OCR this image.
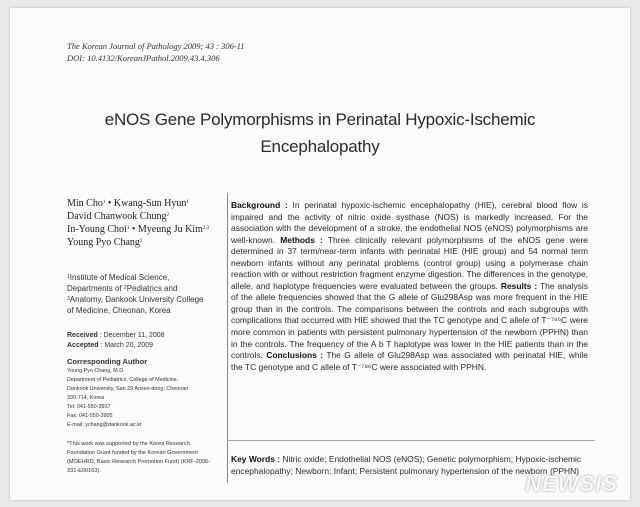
The Korean Journal of Pathology 2009; 43 : 306-11
DOI: 10.4132/KoreanJPathol.2009.43.4.306
eNOS Gene Polymorphisms in Perinatal Hypoxic-Ischemic
Encephalopathy
Min Cho$^1$ • Kwang-Sun Hyun$^1$
David Chanwook Chung$^2$
In-Young Choi$^1$ • Myeung Ju Kim$^{2,3}$
Young Pyo Chang$^2$
$^1$Institute of Medical Science,
Departments of $^2$Pediatrics and
$^3$Anatomy, Dankook University College
of Medicine, Cheonan, Korea
Received : December 11, 2008
Accepted : March 20, 2009
Corresponding Author
Young Pyo Chang, M.D.
Department of Pediatrics, College of Medicine,
Dankook University, San 29 Anseo-dong, Cheonan
330-714, Korea
Tel: 041-550-3937
Fax: 041-550-3905
E-mail: ychang@dankook.ac.kr
*This work was supported by the Korea Research Foundation Grant funded by the Korean Government (MOEHRD, Basic Research Promotion Fund) (KRF-2006-331-E00163).
Background : In perinatal hypoxic-ischemic encephalopathy (HIE), cerebral blood flow is impaired and the activity of nitric oxide systhase (NOS) is markedly increased. For the association with the development of a stroke, the endothelial NOS (eNOS) polymorphisms are well-known. Methods : Three clinically relevant polymorphisms of the eNOS gene were determined in 37 term/near-term infants with perinatal HIE (HIE group) and 54 normal term newborn infants without any perinatal problems (control group) using a polymerase chain reaction with or without restriction fragment enzyme digestion. The differences in the genotype, allele, and haplotype frequencies were evaluated between the groups. Results : The analysis of the allele frequencies showed that the G allele of Glu298Asp was more frequent in the HIE group than in the controls. The comparisons between the controls and each subgroups with complications that occurred with HIE showed that the TC genotype and C allele of T⁻⁷⁸⁶C were more common in patients with persistent pulmonary hypertension of the newborn (PPHN) than in the controls. The frequency of the A b T haplotype was lower in the HIE patients than in the controls. Conclusions : The G allele of Glu298Asp was associated with perinatal HIE, while the TC genotype and C allele of T⁻⁷⁸⁶C were associated with PPHN.
Key Words : Nitric oxide; Endothelial NOS (eNOS); Genetic polymorphism; Hypoxic-ischemic encephalopathy; Newborn; Infant; Persistent pulmonary hypertension of the newborn (PPHN)
NEWSIS
